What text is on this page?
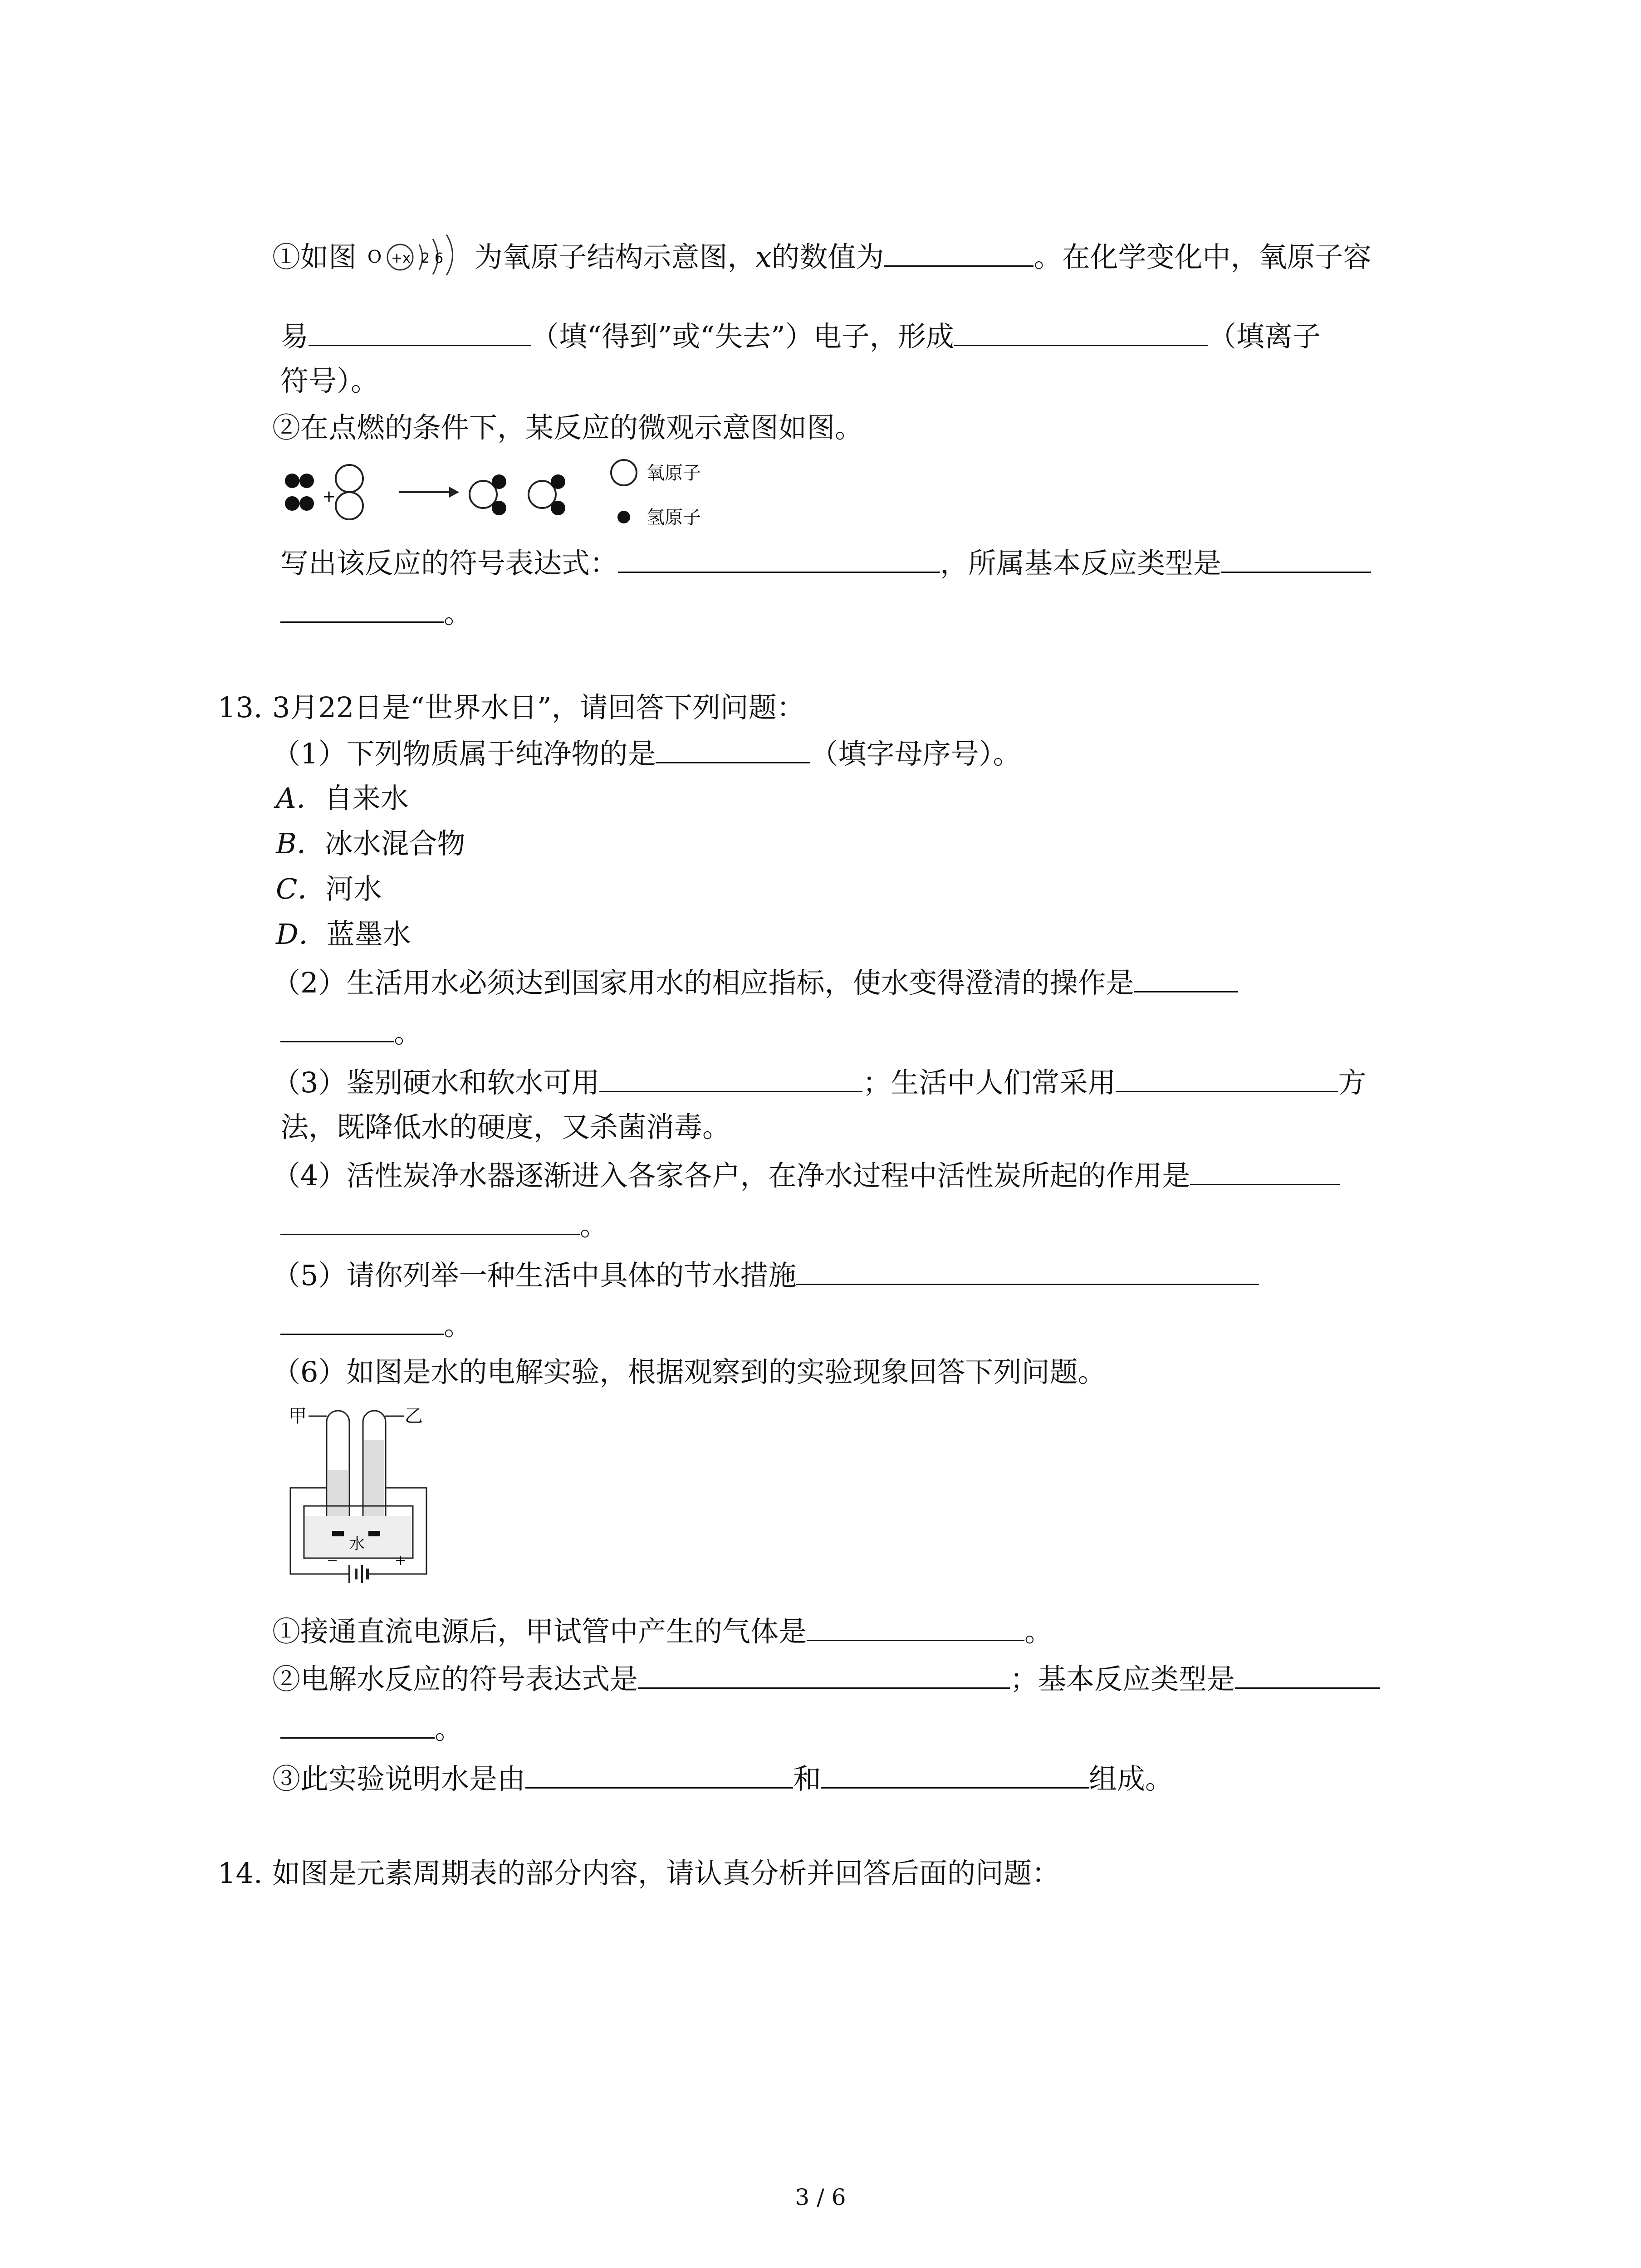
①如图 O +x 2 6 为氧原子结构示意图，x的数值为	。在化学变化中，氧原子容
易	（填“得到”或“失去”）电子，形成	（填离子
符号）。
②在点燃的条件下，某反应的微观示意图如图。
+
氧原子
氢原子
写出该反应的符号表达式：	，所属基本反应类型是
。
13. 3月22日是“世界水日”，请回答下列问题：
（1）下列物质属于纯净物的是	（填字母序号）。
A．自来水
B．冰水混合物
C．河水
D．蓝墨水
（2）生活用水必须达到国家用水的相应指标，使水变得澄清的操作是
。
（3）鉴别硬水和软水可用	；生活中人们常采用	方
法，既降低水的硬度，又杀菌消毒。
（4）活性炭净水器逐渐进入各家各户，在净水过程中活性炭所起的作用是
。
（5）请你列举一种生活中具体的节水措施
。
（6）如图是水的电解实验，根据观察到的实验现象回答下列问题。
甲	乙
水
−	+
①接通直流电源后，甲试管中产生的气体是	。
②电解水反应的符号表达式是	；基本反应类型是
。
③此实验说明水是由	和	组成。
14. 如图是元素周期表的部分内容，请认真分析并回答后面的问题：
3 / 6
